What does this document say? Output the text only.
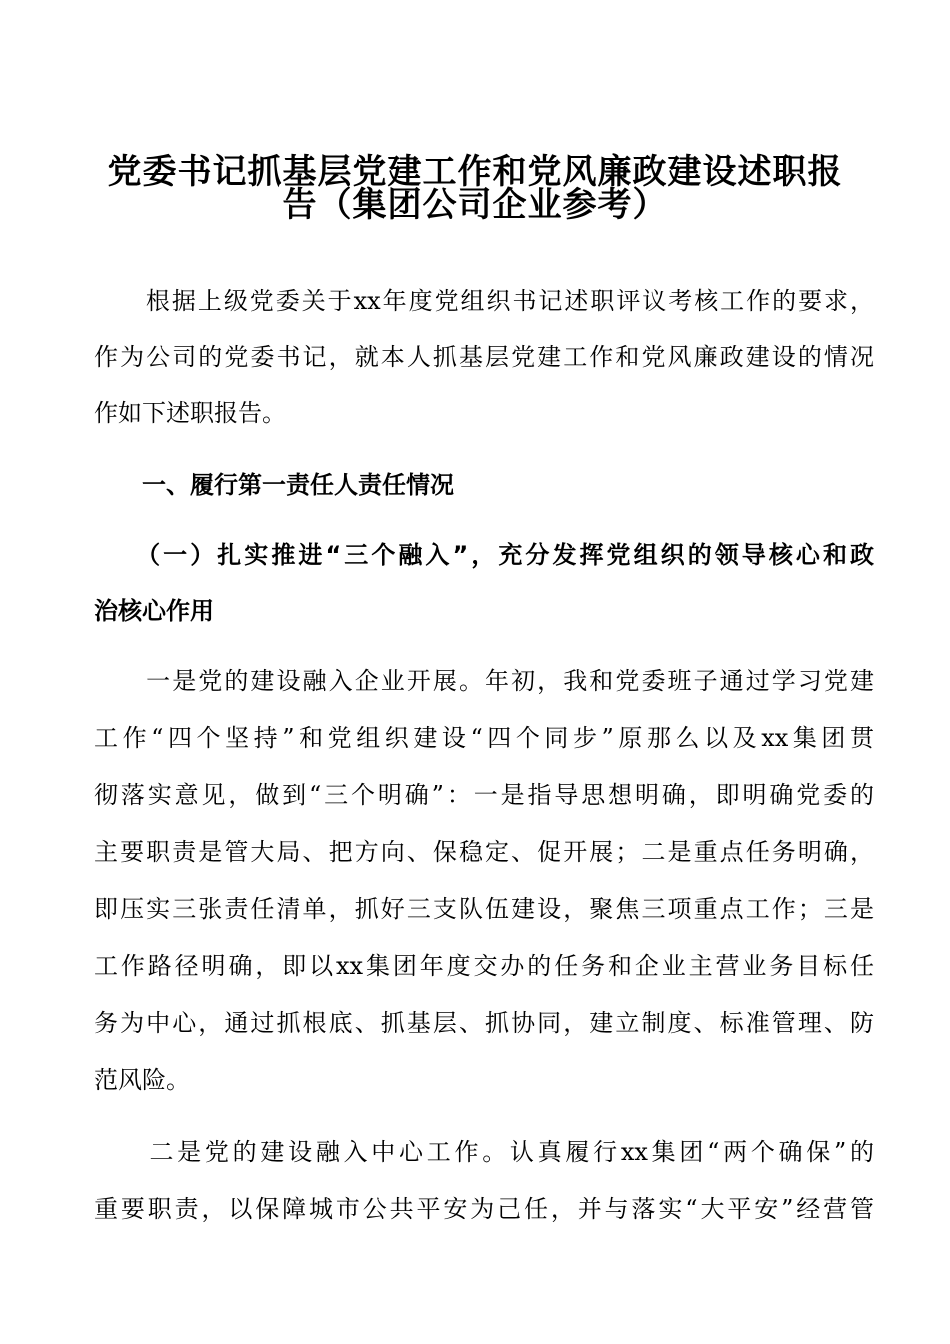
党委书记抓基层党建工作和党风廉政建设述职报
告（集团公司企业参考）
　　根据上级党委关于xx年度党组织书记述职评议考核工作的要求，
作为公司的党委书记，就本人抓基层党建工作和党风廉政建设的情况
作如下述职报告。
　　一、履行第一责任人责任情况
　　（一）扎实推进“三个融入”，充分发挥党组织的领导核心和政
治核心作用
　　一是党的建设融入企业开展。年初，我和党委班子通过学习党建
工作“四个坚持”和党组织建设“四个同步”原那么以及xx集团贯
彻落实意见，做到“三个明确”：一是指导思想明确，即明确党委的
主要职责是管大局、把方向、保稳定、促开展；二是重点任务明确，
即压实三张责任清单，抓好三支队伍建设，聚焦三项重点工作；三是
工作路径明确，即以xx集团年度交办的任务和企业主营业务目标任
务为中心，通过抓根底、抓基层、抓协同，建立制度、标准管理、防
范风险。
　　二是党的建设融入中心工作。认真履行xx集团“两个确保”的
重要职责，以保障城市公共平安为己任，并与落实“大平安”经营管
